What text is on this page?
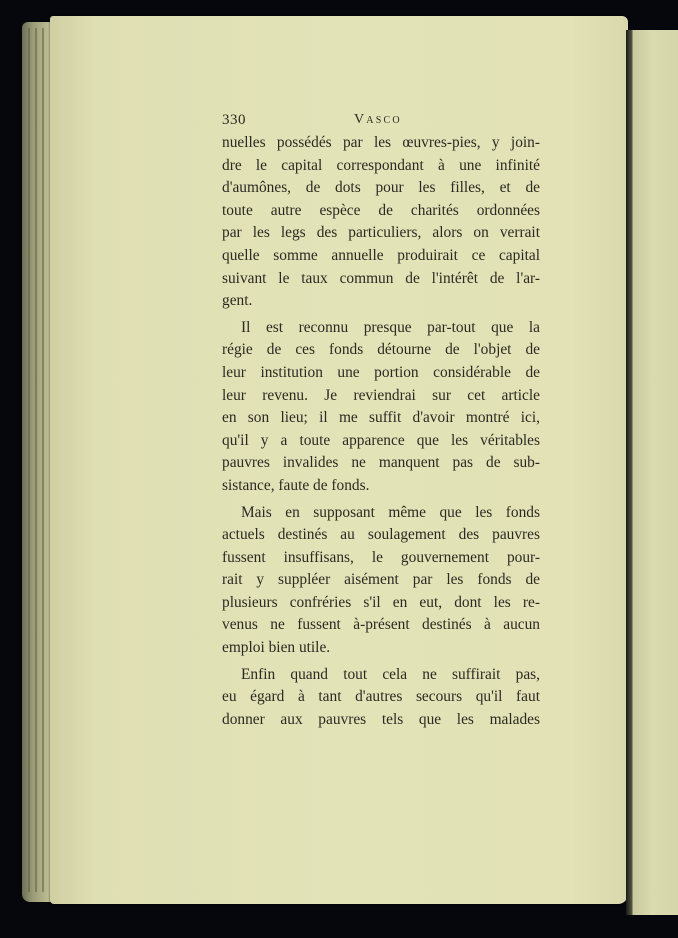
330	Vasco
nuelles possédés par les œuvres-pies, y join-
dre le capital correspondant à une infinité
d'aumônes, de dots pour les filles, et de
toute autre espèce de charités ordonnées
par les legs des particuliers, alors on verrait
quelle somme annuelle produirait ce capital
suivant le taux commun de l'intérêt de l'ar-
gent.
Il est reconnu presque par-tout que la
régie de ces fonds détourne de l'objet de
leur institution une portion considérable de
leur revenu. Je reviendrai sur cet article
en son lieu; il me suffit d'avoir montré ici,
qu'il y a toute apparence que les véritables
pauvres invalides ne manquent pas de sub-
sistance, faute de fonds.
Mais en supposant même que les fonds
actuels destinés au soulagement des pauvres
fussent insuffisans, le gouvernement pour-
rait y suppléer aisément par les fonds de
plusieurs confréries s'il en eut, dont les re-
venus ne fussent à-présent destinés à aucun
emploi bien utile.
Enfin quand tout cela ne suffirait pas,
eu égard à tant d'autres secours qu'il faut
donner aux pauvres tels que les malades
